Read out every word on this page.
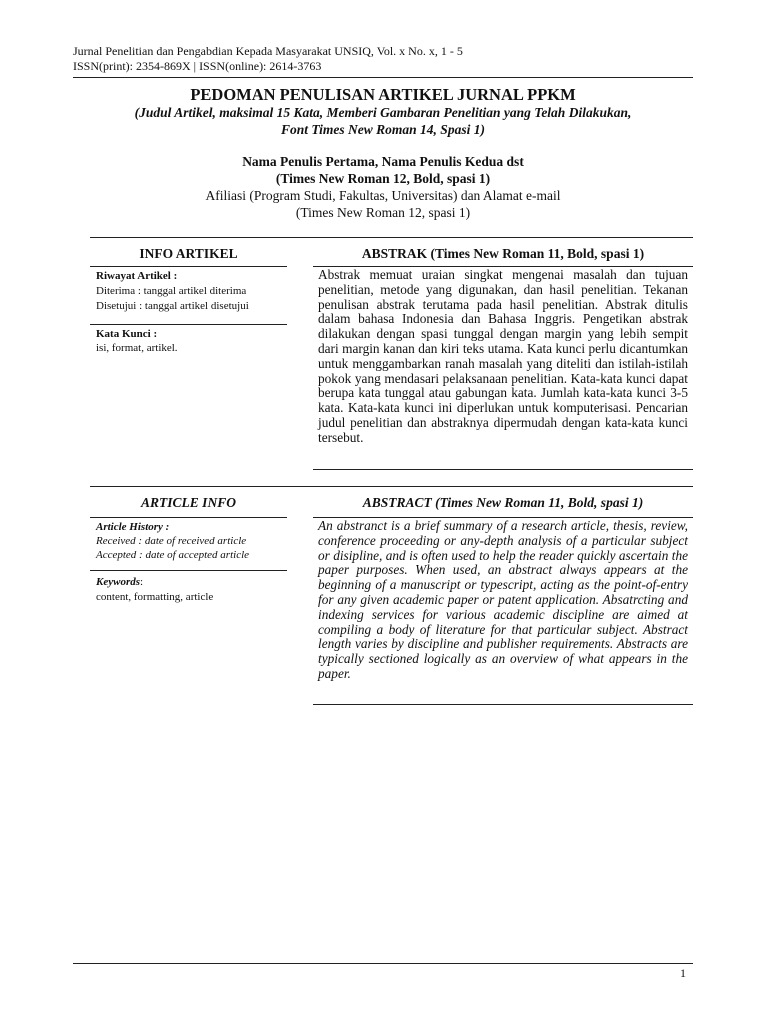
Jurnal Penelitian dan Pengabdian Kepada Masyarakat UNSIQ, Vol. x No. x, 1 - 5
ISSN(print): 2354-869X | ISSN(online): 2614-3763
PEDOMAN PENULISAN ARTIKEL JURNAL PPKM
(Judul Artikel, maksimal 15 Kata, Memberi Gambaran Penelitian yang Telah Dilakukan,
Font Times New Roman 14, Spasi 1)
Nama Penulis Pertama, Nama Penulis Kedua dst
(Times New Roman 12, Bold, spasi 1)
Afiliasi (Program Studi, Fakultas, Universitas) dan Alamat e-mail
(Times New Roman 12, spasi 1)
INFO ARTIKEL	ABSTRAK (Times New Roman 11, Bold, spasi 1)
Riwayat Artikel :
Diterima : tanggal artikel diterima
Disetujui : tanggal artikel disetujui
Kata Kunci :
isi, format, artikel.
Abstrak memuat uraian singkat mengenai masalah dan tujuan penelitian, metode yang digunakan, dan hasil penelitian. Tekanan penulisan abstrak terutama pada hasil penelitian. Abstrak ditulis dalam bahasa Indonesia dan Bahasa Inggris. Pengetikan abstrak dilakukan dengan spasi tunggal dengan margin yang lebih sempit dari margin kanan dan kiri teks utama. Kata kunci perlu dicantumkan untuk menggambarkan ranah masalah yang diteliti dan istilah-istilah pokok yang mendasari pelaksanaan penelitian. Kata-kata kunci dapat berupa kata tunggal atau gabungan kata. Jumlah kata-kata kunci 3-5 kata. Kata-kata kunci ini diperlukan untuk komputerisasi. Pencarian judul penelitian dan abstraknya dipermudah dengan kata-kata kunci tersebut.
ARTICLE INFO	ABSTRACT (Times New Roman 11, Bold, spasi 1)
Article History :
Received : date of received article
Accepted : date of accepted article
Keywords:
content, formatting, article
An abstranct is a brief summary of a research article, thesis, review, conference proceeding or any-depth analysis of a particular subject or disipline, and is often used to help the reader quickly ascertain the paper purposes. When used, an abstract always appears at the beginning of a manuscript or typescript, acting as the point-of-entry for any given academic paper or patent application. Absatrcting and indexing services for various academic discipline are aimed at compiling a body of literature for that particular subject. Abstract length varies by discipline and publisher requirements. Abstracts are typically sectioned logically as an overview of what appears in the paper.
1
